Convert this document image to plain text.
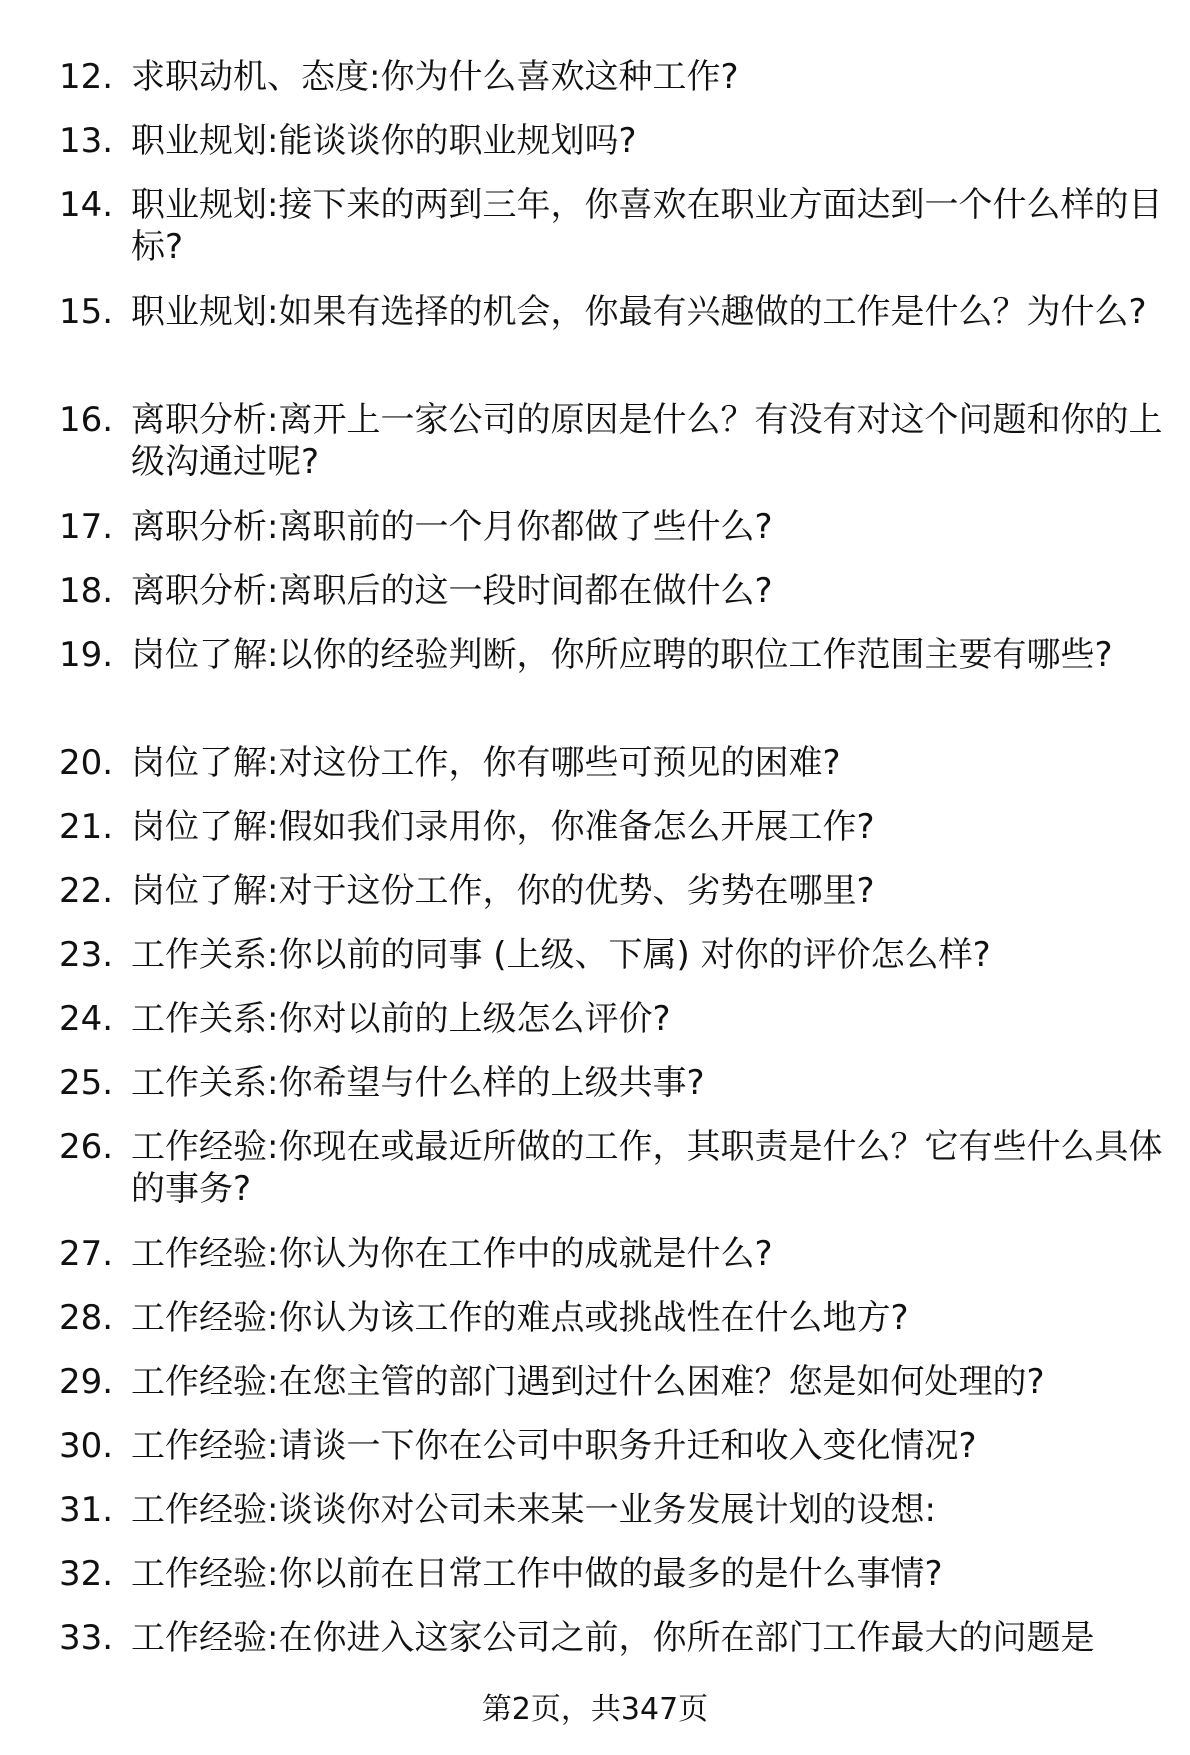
12. 求职动机、态度:你为什么喜欢这种工作?
13. 职业规划:能谈谈你的职业规划吗?
14. 职业规划:接下来的两到三年，你喜欢在职业方面达到一个什么样的目标?
15. 职业规划:如果有选择的机会，你最有兴趣做的工作是什么？为什么?
16. 离职分析:离开上一家公司的原因是什么？有没有对这个问题和你的上级沟通过呢?
17. 离职分析:离职前的一个月你都做了些什么?
18. 离职分析:离职后的这一段时间都在做什么?
19. 岗位了解:以你的经验判断，你所应聘的职位工作范围主要有哪些?
20. 岗位了解:对这份工作，你有哪些可预见的困难?
21. 岗位了解:假如我们录用你，你准备怎么开展工作?
22. 岗位了解:对于这份工作，你的优势、劣势在哪里?
23. 工作关系:你以前的同事 (上级、下属) 对你的评价怎么样?
24. 工作关系:你对以前的上级怎么评价?
25. 工作关系:你希望与什么样的上级共事?
26. 工作经验:你现在或最近所做的工作，其职责是什么？它有些什么具体的事务?
27. 工作经验:你认为你在工作中的成就是什么?
28. 工作经验:你认为该工作的难点或挑战性在什么地方?
29. 工作经验:在您主管的部门遇到过什么困难？您是如何处理的?
30. 工作经验:请谈一下你在公司中职务升迁和收入变化情况?
31. 工作经验:谈谈你对公司未来某一业务发展计划的设想:
32. 工作经验:你以前在日常工作中做的最多的是什么事情?
33. 工作经验:在你进入这家公司之前，你所在部门工作最大的问题是
第2页，共347页
